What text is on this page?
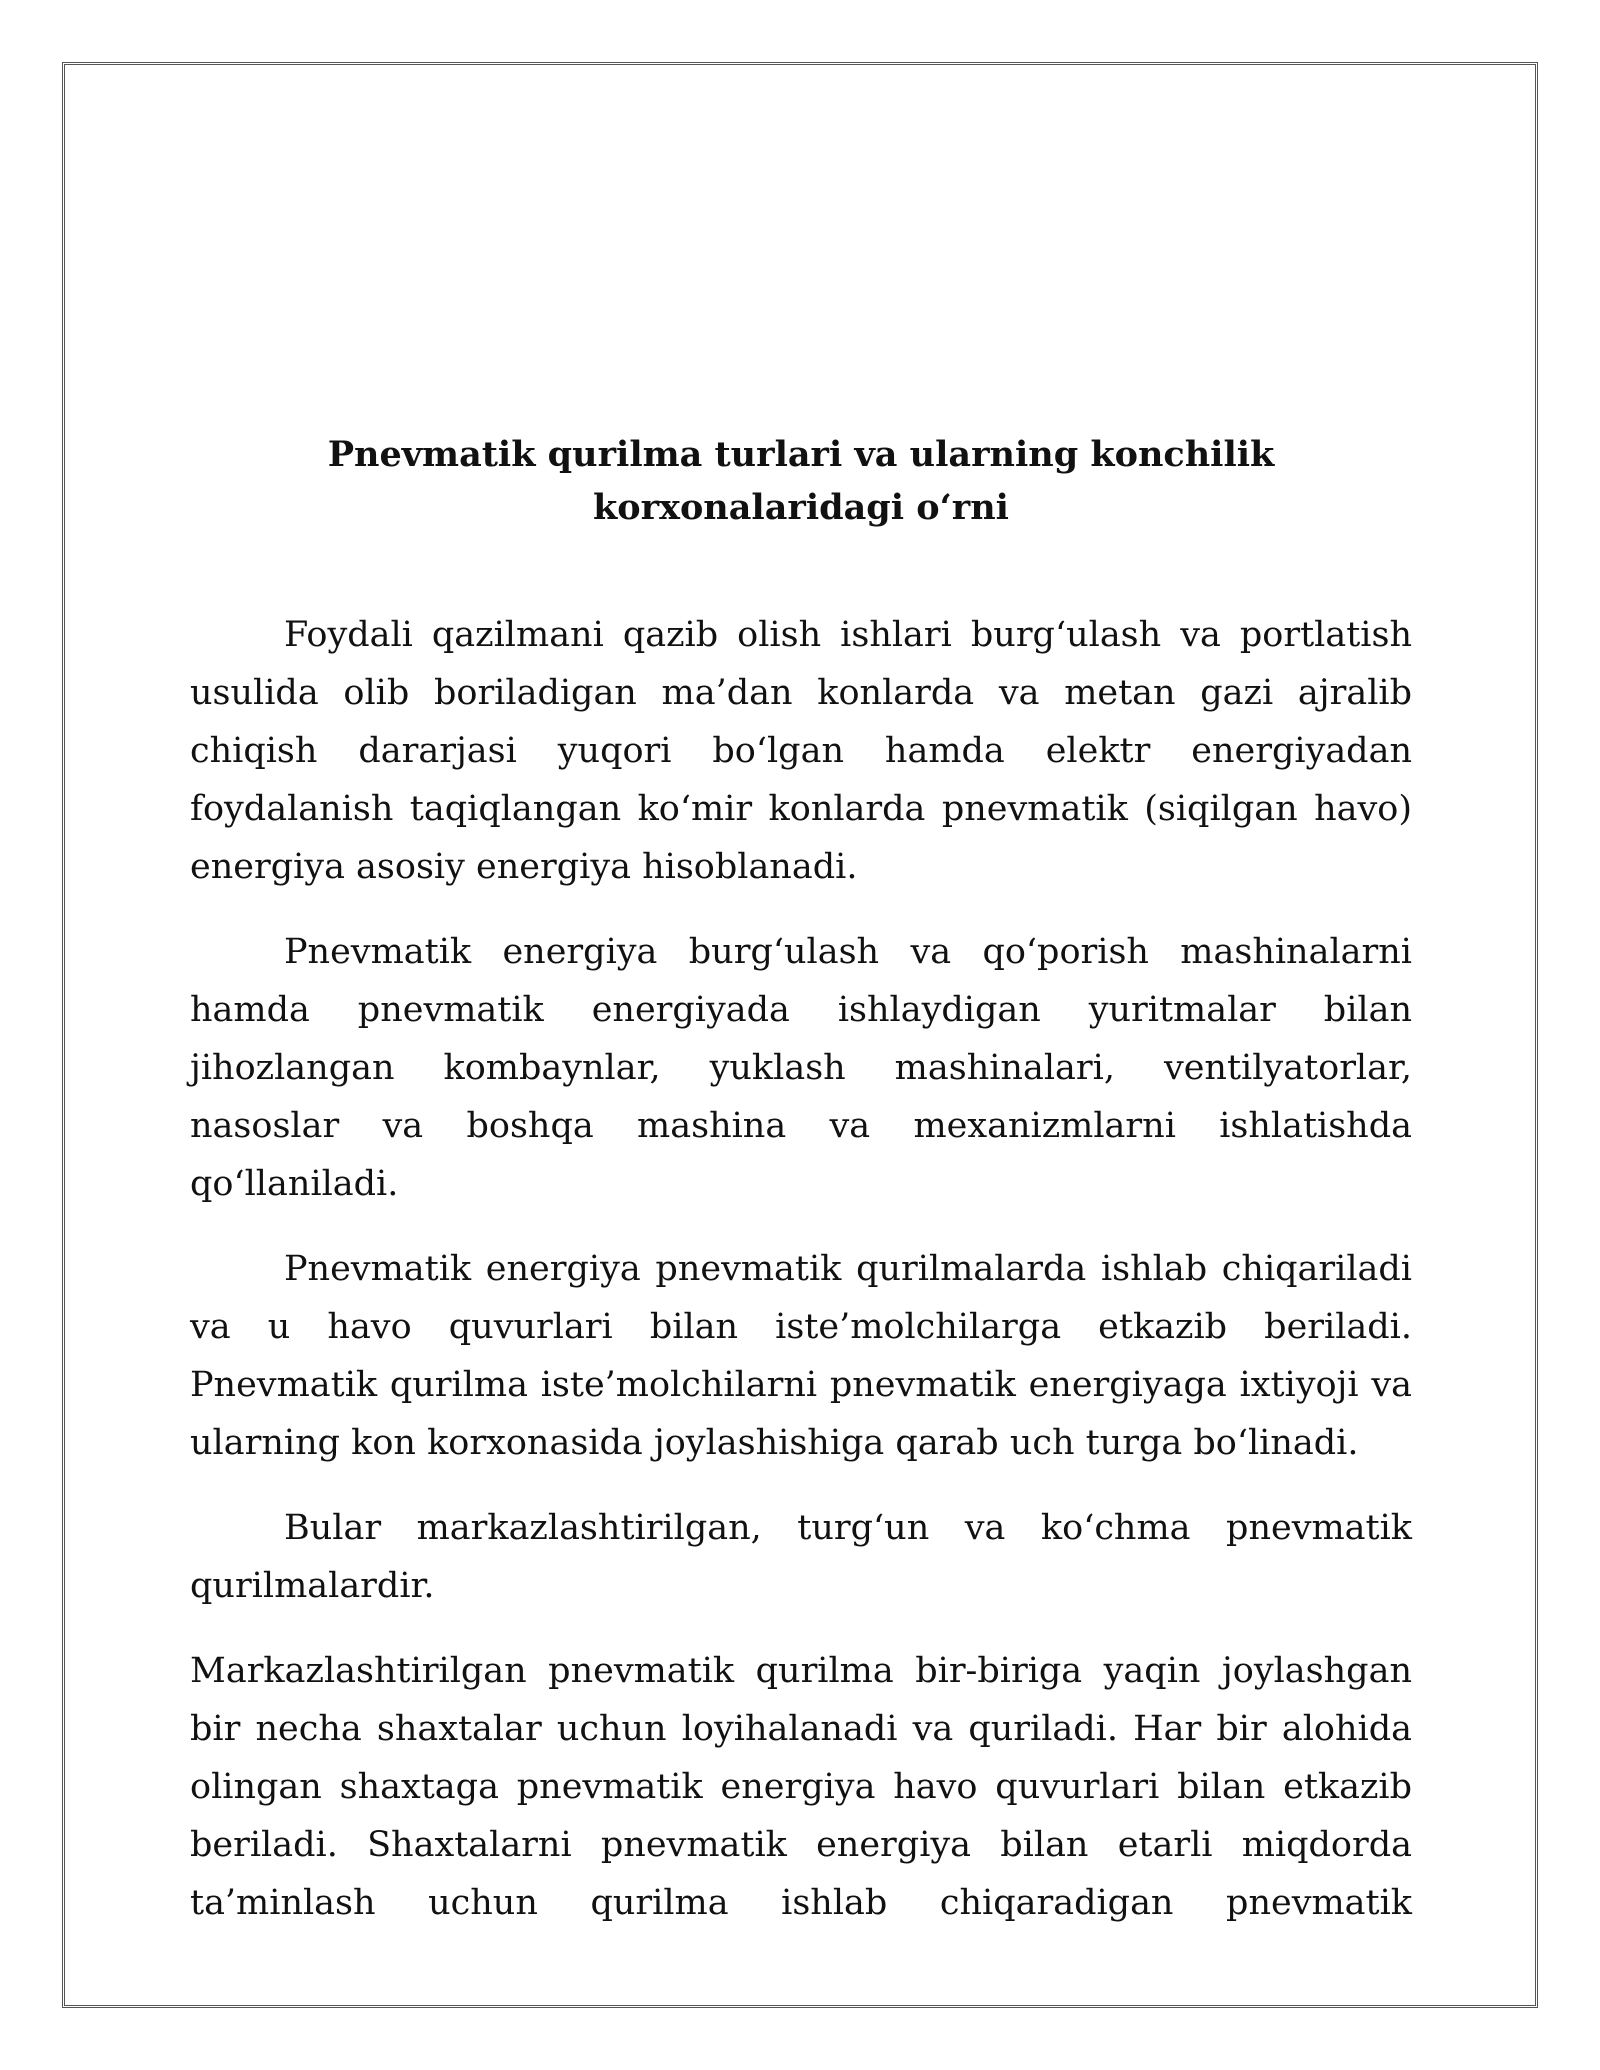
Pnevmatik qurilma turlari va ularning konchilik
korxonalaridagi oʻrni

Foydali qazilmani qazib olish ishlari burgʻulash va portlatish usulida olib boriladigan ma’dan konlarda va metan gazi ajralib chiqish dararjasi yuqori boʻlgan hamda elektr energiyadan foydalanish taqiqlangan koʻmir konlarda pnevmatik (siqilgan havo) energiya asosiy energiya hisoblanadi.

Pnevmatik energiya burgʻulash va qoʻporish mashinalarni hamda pnevmatik energiyada ishlaydigan yuritmalar bilan jihozlangan kombaynlar, yuklash mashinalari, ventilyatorlar, nasoslar va boshqa mashina va mexanizmlarni ishlatishda qoʻllaniladi.

Pnevmatik energiya pnevmatik qurilmalarda ishlab chiqariladi va u havo quvurlari bilan iste’molchilarga etkazib beriladi. Pnevmatik qurilma iste’molchilarni pnevmatik energiyaga ixtiyoji va ularning kon korxonasida joylashishiga qarab uch turga boʻlinadi.

Bular markazlashtirilgan, turgʻun va koʻchma pnevmatik qurilmalardir.

Markazlashtirilgan pnevmatik qurilma bir-biriga yaqin joylashgan bir necha shaxtalar uchun loyihalanadi va quriladi. Har bir alohida olingan shaxtaga pnevmatik energiya havo quvurlari bilan etkazib beriladi. Shaxtalarni pnevmatik energiya bilan etarli miqdorda ta’minlash uchun qurilma ishlab chiqaradigan pnevmatik
